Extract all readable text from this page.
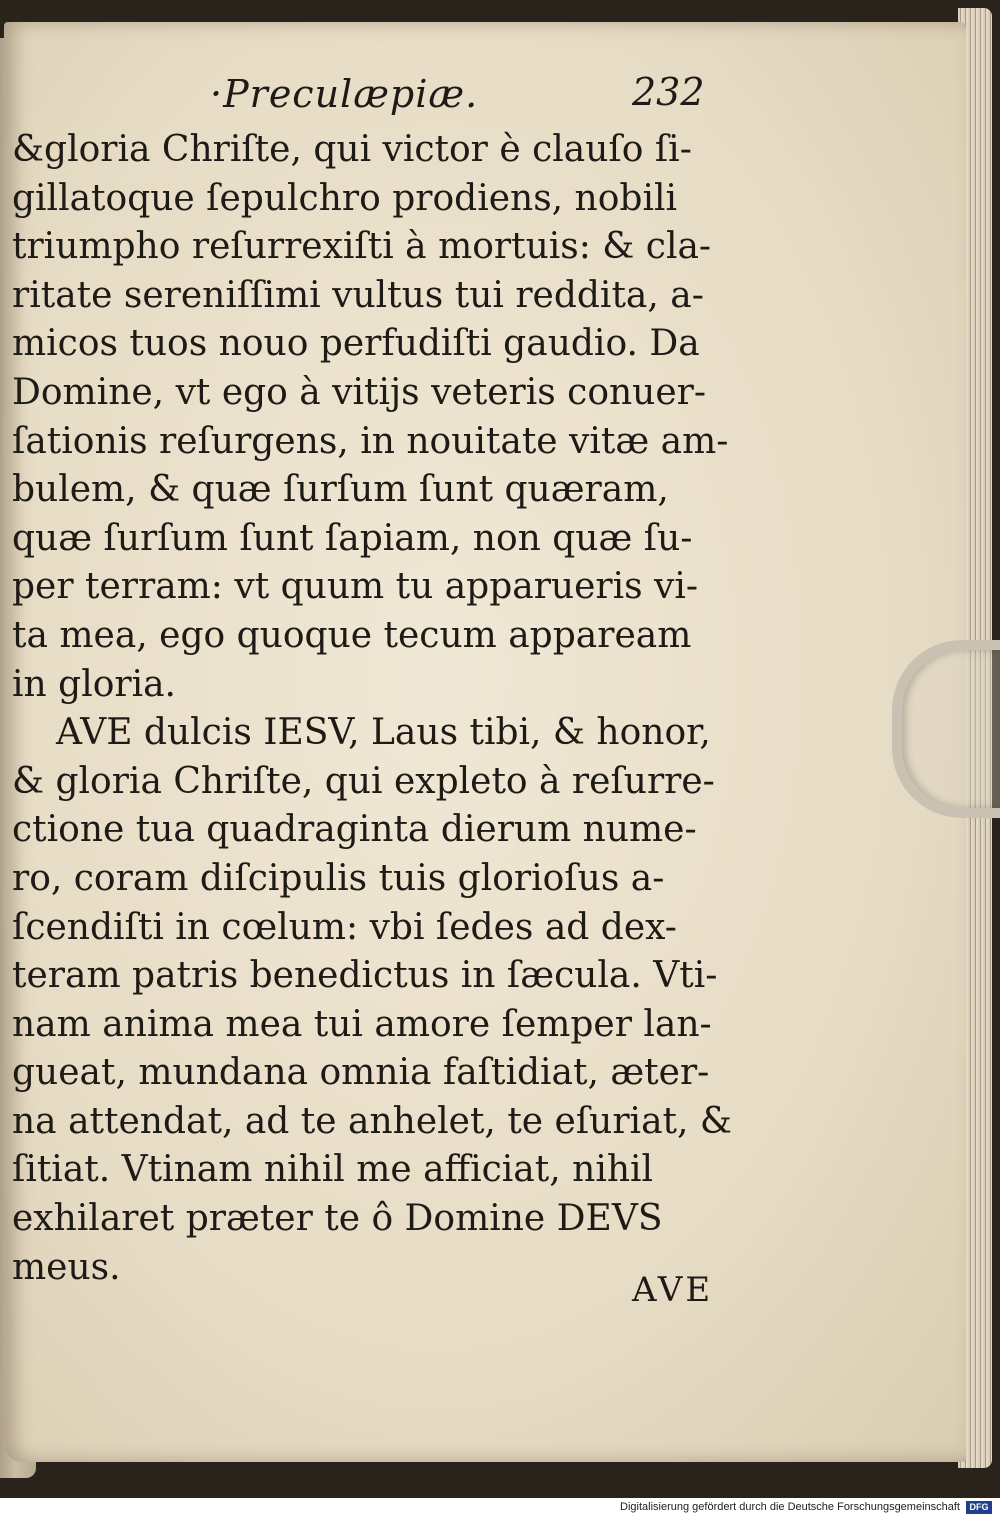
·Preculæpiæ.	232
&gloria Chriſte, qui victor è clauſo ſi-
gillatoque ſepulchro prodiens, nobili
triumpho reſurrexiſti à mortuis: & cla-
ritate sereniſſimi vultus tui reddita, a-
micos tuos nouo perfudiſti gaudio. Da
Domine, vt ego à vitijs veteris conuer-
ſationis reſurgens, in nouitate vitæ am-
bulem, & quæ ſurſum ſunt quæram,
quæ ſurſum ſunt ſapiam, non quæ ſu-
per terram: vt quum tu apparueris vi-
ta mea, ego quoque tecum appaream
in gloria.
AVE dulcis IESV, Laus tibi, & honor,
& gloria Chriſte, qui expleto à reſurre-
ctione tua quadraginta dierum nume-
ro, coram diſcipulis tuis glorioſus a-
ſcendiſti in cœlum: vbi ſedes ad dex-
teram patris benedictus in ſæcula. Vti-
nam anima mea tui amore ſemper lan-
gueat, mundana omnia faſtidiat, æter-
na attendat, ad te anhelet, te eſuriat, &
ſitiat. Vtinam nihil me afficiat, nihil
exhilaret præter te ô Domine DEVS
meus.
AVE
Digitalisierung gefördert durch die Deutsche Forschungsgemeinschaft	DFG
